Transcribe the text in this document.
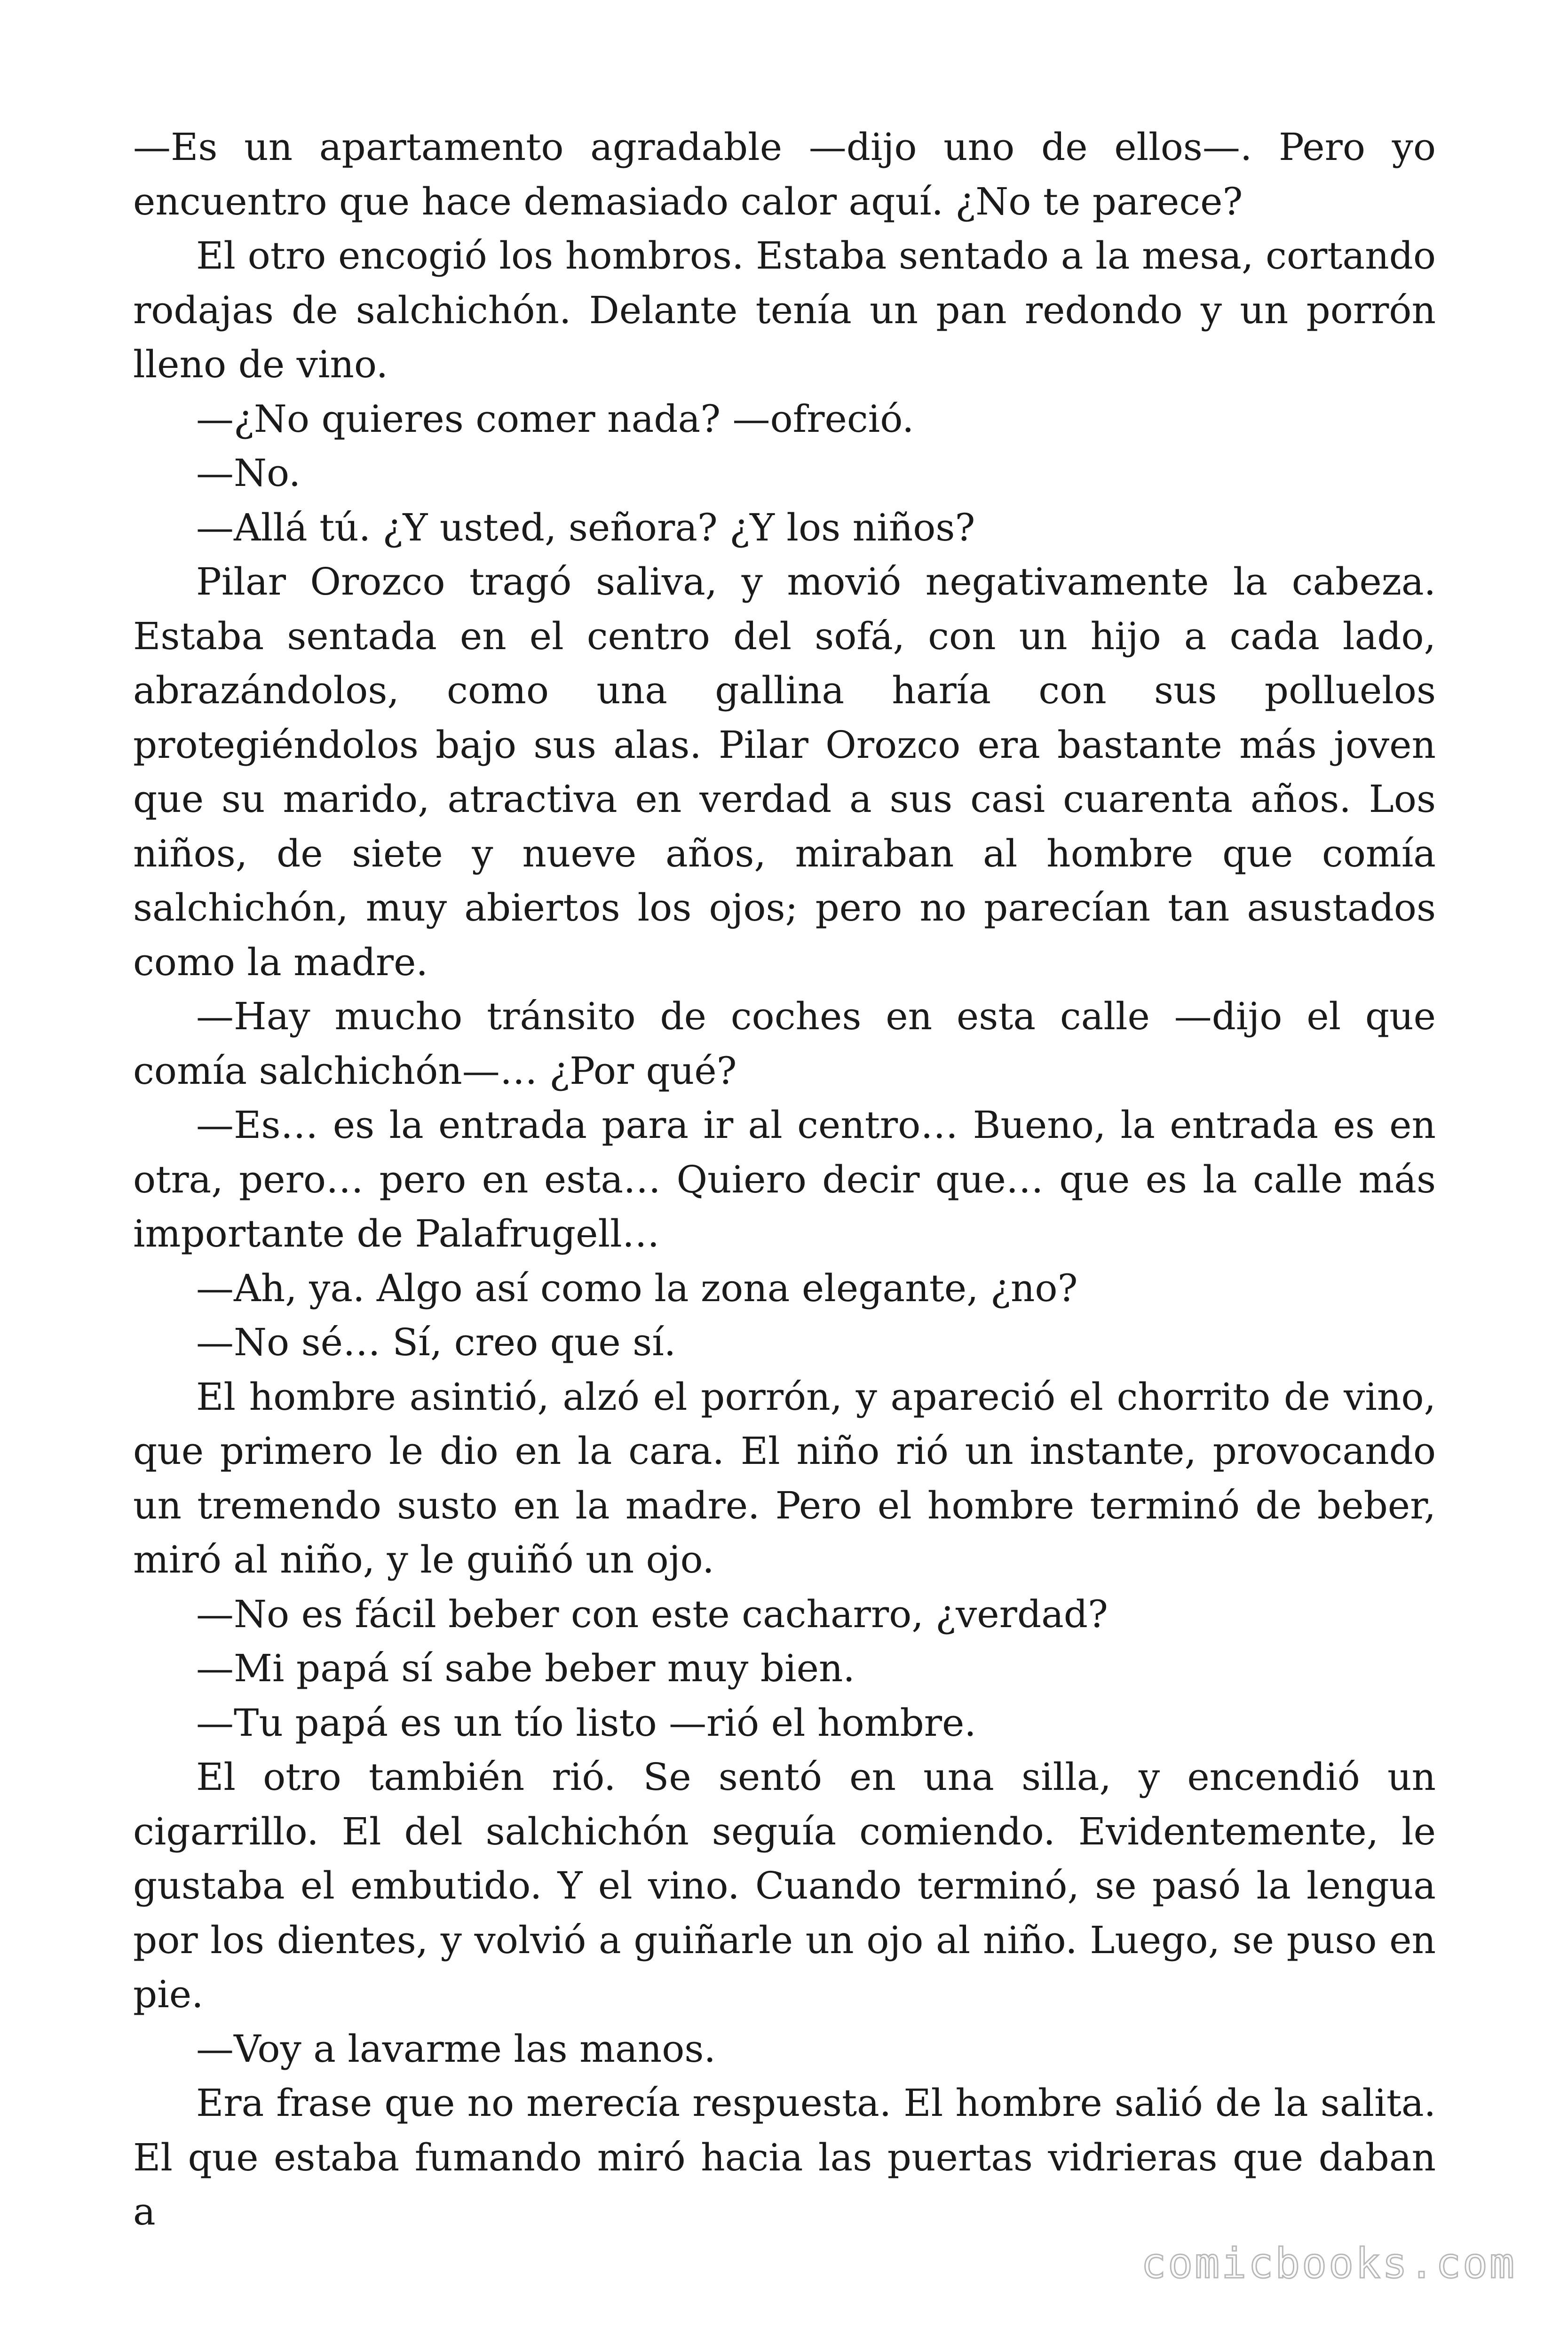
—Es un apartamento agradable —dijo uno de ellos—. Pero yo encuentro que hace demasiado calor aquí. ¿No te parece?

El otro encogió los hombros. Estaba sentado a la mesa, cortando rodajas de salchichón. Delante tenía un pan redondo y un porrón lleno de vino.

—¿No quieres comer nada? —ofreció.

—No.

—Allá tú. ¿Y usted, señora? ¿Y los niños?

Pilar Orozco tragó saliva, y movió negativamente la cabeza. Estaba sentada en el centro del sofá, con un hijo a cada lado, abrazándolos, como una gallina haría con sus polluelos protegiéndolos bajo sus alas. Pilar Orozco era bastante más joven que su marido, atractiva en verdad a sus casi cuarenta años. Los niños, de siete y nueve años, miraban al hombre que comía salchichón, muy abiertos los ojos; pero no parecían tan asustados como la madre.

—Hay mucho tránsito de coches en esta calle —dijo el que comía salchichón—… ¿Por qué?

—Es… es la entrada para ir al centro… Bueno, la entrada es en otra, pero… pero en esta… Quiero decir que… que es la calle más importante de Palafrugell…

—Ah, ya. Algo así como la zona elegante, ¿no?

—No sé… Sí, creo que sí.

El hombre asintió, alzó el porrón, y apareció el chorrito de vino, que primero le dio en la cara. El niño rió un instante, provocando un tremendo susto en la madre. Pero el hombre terminó de beber, miró al niño, y le guiñó un ojo.

—No es fácil beber con este cacharro, ¿verdad?

—Mi papá sí sabe beber muy bien.

—Tu papá es un tío listo —rió el hombre.

El otro también rió. Se sentó en una silla, y encendió un cigarrillo. El del salchichón seguía comiendo. Evidentemente, le gustaba el embutido. Y el vino. Cuando terminó, se pasó la lengua por los dientes, y volvió a guiñarle un ojo al niño. Luego, se puso en pie.

—Voy a lavarme las manos.

Era frase que no merecía respuesta. El hombre salió de la salita. El que estaba fumando miró hacia las puertas vidrieras que daban a

comicbooks.com
